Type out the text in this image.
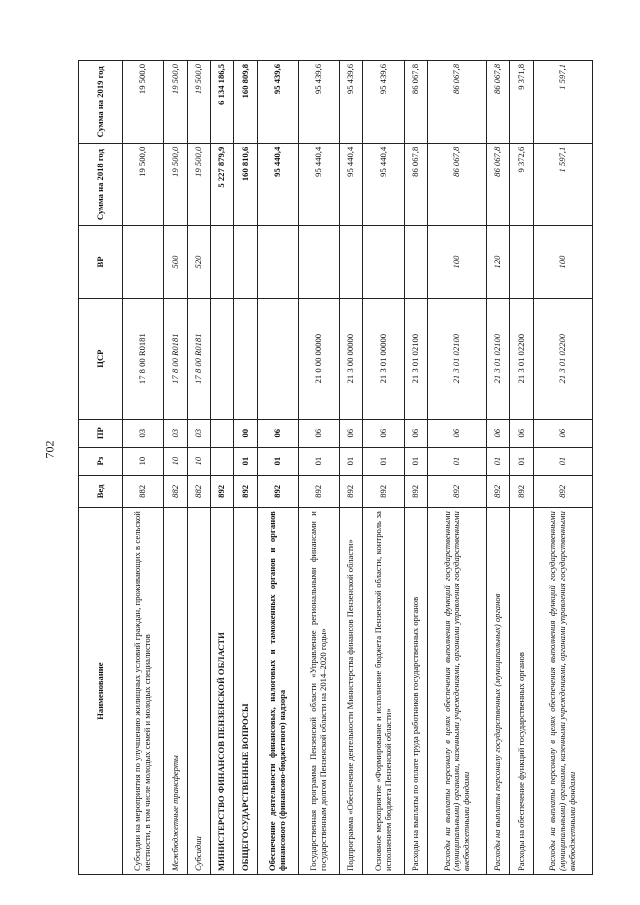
702
Наименование	Вед	Рз	ПР	ЦСР	ВР	Сумма на 2018 год	Сумма на 2019 год
Субсидии на мероприятия по улучшению жилищных условий граждан, проживающих в сельской местности, в том числе молодых семей и молодых специалистов	882	10	03	17 8 00 R0181		19 500,0	19 500,0
Межбюджетные трансферты	882	10	03	17 8 00 R0181	500	19 500,0	19 500,0
Субсидии	882	10	03	17 8 00 R0181	520	19 500,0	19 500,0
МИНИСТЕРСТВО ФИНАНСОВ ПЕНЗЕНСКОЙ ОБЛАСТИ	892					5 227 879,9	6 134 186,5
ОБЩЕГОСУДАРСТВЕННЫЕ ВОПРОСЫ	892	01	00			160 810,6	160 809,8
Обеспечение деятельности финансовых, налоговых и таможенных органов и органов финансового (финансово-бюджетного) надзора	892	01	06			95 440,4	95 439,6
Государственная программа Пензенской области «Управление региональными финансами и государственным долгом Пензенской области на 2014–2020 годы»	892	01	06	21 0 00 00000		95 440,4	95 439,6
Подпрограмма «Обеспечение деятельности Министерства финансов Пензенской области»	892	01	06	21 3 00 00000		95 440,4	95 439,6
Основное мероприятие «Формирование и исполнение бюджета Пензенской области, контроль за исполнением бюджета Пензенской области»	892	01	06	21 3 01 00000		95 440,4	95 439,6
Расходы на выплаты по оплате труда работников государственных органов	892	01	06	21 3 01 02100		86 067,8	86 067,8
Расходы на выплаты персоналу в целях обеспечения выполнения функций государственными (муниципальными) органами, казенными учреждениями, органами управления государственными внебюджетными фондами	892	01	06	21 3 01 02100	100	86 067,8	86 067,8
Расходы на выплаты персоналу государственных (муниципальных) органов	892	01	06	21 3 01 02100	120	86 067,8	86 067,8
Расходы на обеспечение функций государственных органов	892	01	06	21 3 01 02200		9 372,6	9 371,8
Расходы на выплаты персоналу в целях обеспечения выполнения функций государственными (муниципальными) органами, казенными учреждениями, органами управления государственными внебюджетными фондами	892	01	06	21 3 01 02200	100	1 597,1	1 597,1
